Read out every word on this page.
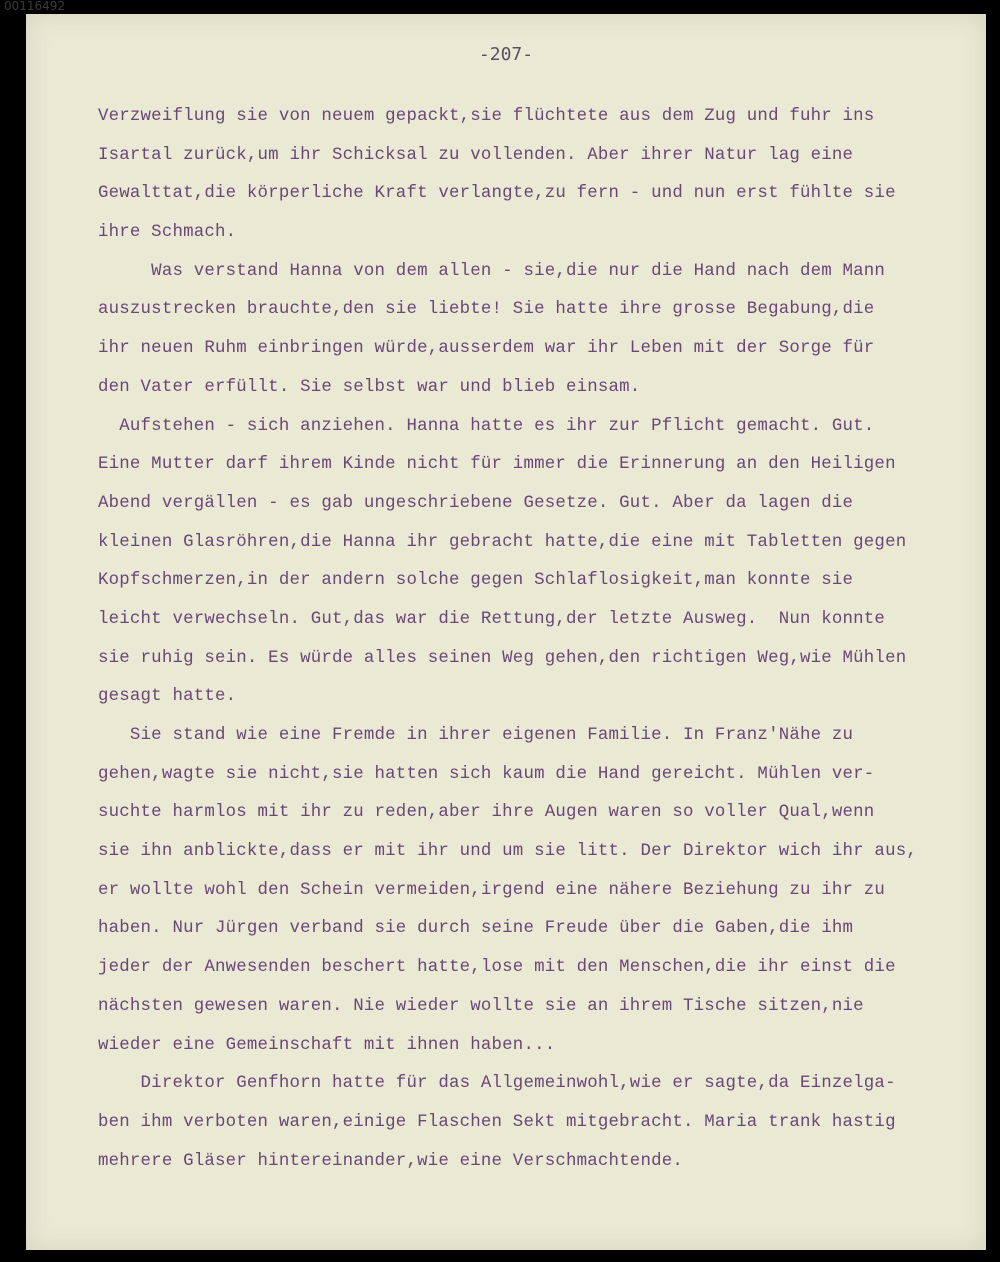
00116492
-207-
Verzweiflung sie von neuem gepackt,sie flüchtete aus dem Zug und fuhr ins
Isartal zurück,um ihr Schicksal zu vollenden. Aber ihrer Natur lag eine
Gewalttat,die körperliche Kraft verlangte,zu fern - und nun erst fühlte sie
ihre Schmach.
Was verstand Hanna von dem allen - sie,die nur die Hand nach dem Mann
auszustrecken brauchte,den sie liebte! Sie hatte ihre grosse Begabung,die
ihr neuen Ruhm einbringen würde,ausserdem war ihr Leben mit der Sorge für
den Vater erfüllt. Sie selbst war und blieb einsam.
Aufstehen - sich anziehen. Hanna hatte es ihr zur Pflicht gemacht. Gut.
Eine Mutter darf ihrem Kinde nicht für immer die Erinnerung an den Heiligen
Abend vergällen - es gab ungeschriebene Gesetze. Gut. Aber da lagen die
kleinen Glasröhren,die Hanna ihr gebracht hatte,die eine mit Tabletten gegen
Kopfschmerzen,in der andern solche gegen Schlaflosigkeit,man konnte sie
leicht verwechseln. Gut,das war die Rettung,der letzte Ausweg.  Nun konnte
sie ruhig sein. Es würde alles seinen Weg gehen,den richtigen Weg,wie Mühlen
gesagt hatte.
Sie stand wie eine Fremde in ihrer eigenen Familie. In Franz'Nähe zu
gehen,wagte sie nicht,sie hatten sich kaum die Hand gereicht. Mühlen ver-
suchte harmlos mit ihr zu reden,aber ihre Augen waren so voller Qual,wenn
sie ihn anblickte,dass er mit ihr und um sie litt. Der Direktor wich ihr aus,
er wollte wohl den Schein vermeiden,irgend eine nähere Beziehung zu ihr zu
haben. Nur Jürgen verband sie durch seine Freude über die Gaben,die ihm
jeder der Anwesenden beschert hatte,lose mit den Menschen,die ihr einst die
nächsten gewesen waren. Nie wieder wollte sie an ihrem Tische sitzen,nie
wieder eine Gemeinschaft mit ihnen haben...
Direktor Genfhorn hatte für das Allgemeinwohl,wie er sagte,da Einzelga-
ben ihm verboten waren,einige Flaschen Sekt mitgebracht. Maria trank hastig
mehrere Gläser hintereinander,wie eine Verschmachtende.
